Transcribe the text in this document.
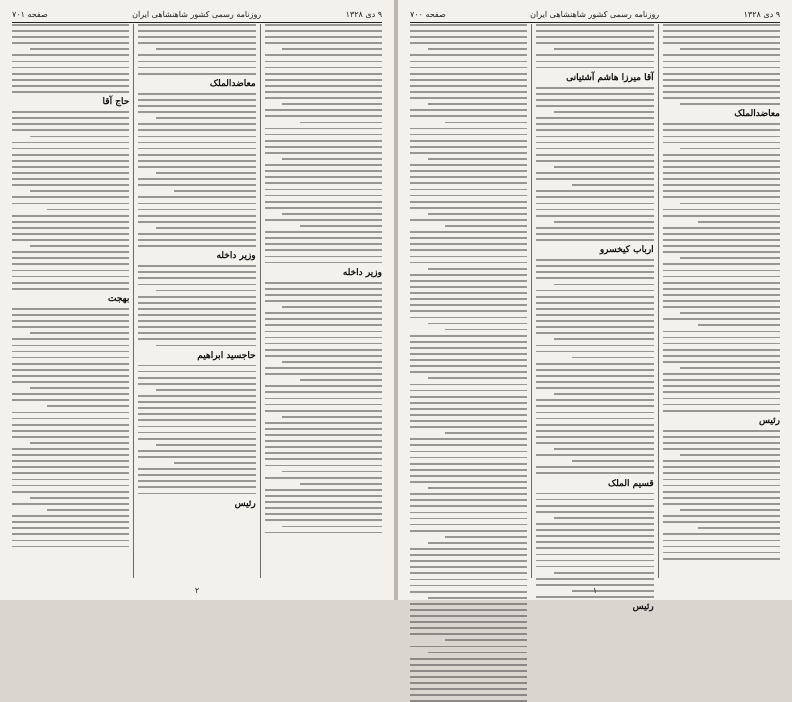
۹ دی ۱۳۲۸
روزنامه رسمی کشور شاهنشاهی ایران
صفحه ۷۰۱
وزیر داخله
معاضدالملک
وزیر داخله
حاجسید ابراهیم
رئیس
حاج آقا
بهجت
۲
۹ دی ۱۳۲۸
روزنامه رسمی کشور شاهنشاهی ایران
صفحه ۷۰۰
معاضدالملک
رئیس
آقا میرزا هاشم آشتیانی
ارباب کیخسرو
قسیم الملک
رئیس
۱
